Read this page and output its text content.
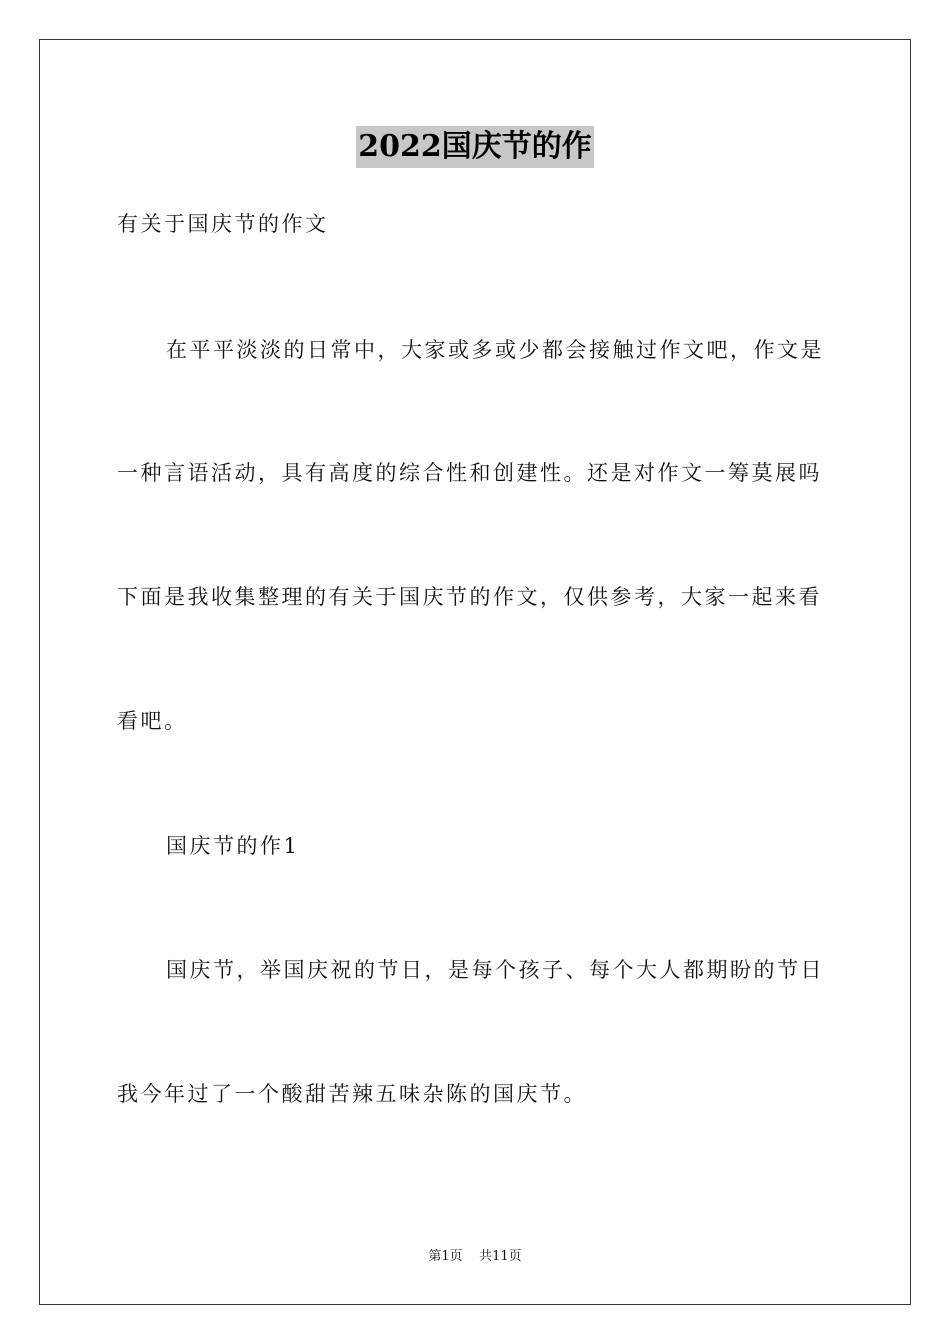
2022国庆节的作
有关于国庆节的作文
在平平淡淡的日常中，大家或多或少都会接触过作文吧，作文是
一种言语活动，具有高度的综合性和创建性。还是对作文一筹莫展吗
下面是我收集整理的有关于国庆节的作文，仅供参考，大家一起来看
看吧。
国庆节的作1
国庆节，举国庆祝的节日，是每个孩子、每个大人都期盼的节日
我今年过了一个酸甜苦辣五味杂陈的国庆节。
第1页 共11页
